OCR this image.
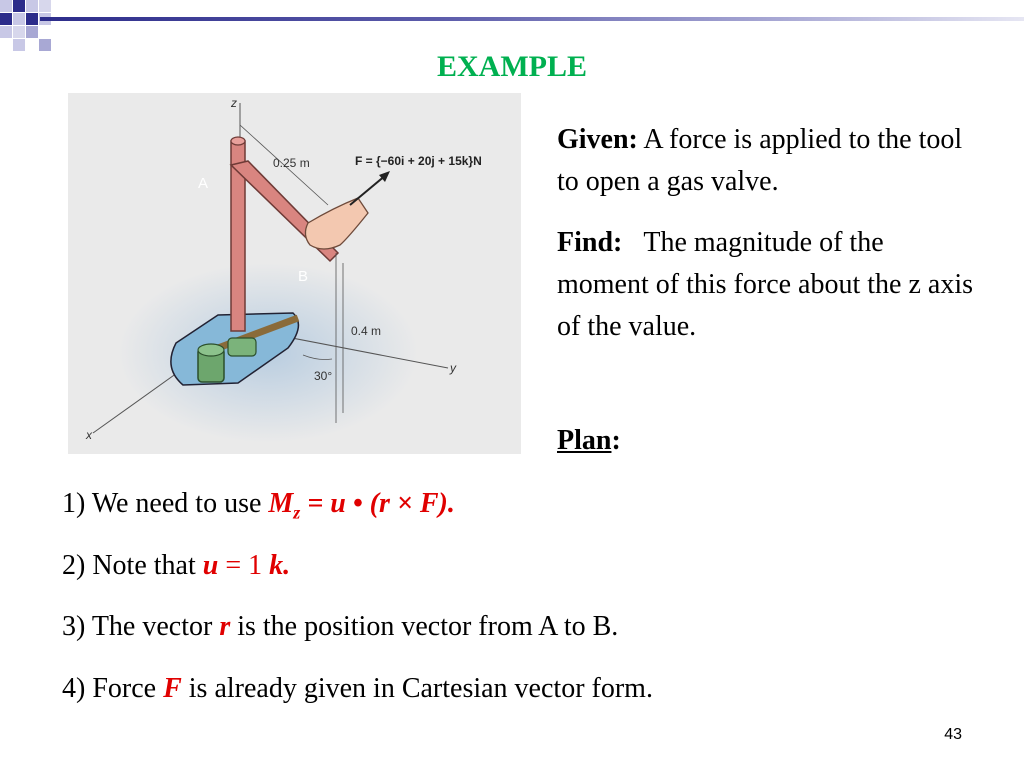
EXAMPLE
z
y
x
A
B
0.25 m
0.4 m
30°
F = {−60i + 20j + 15k}N
Given: A force is applied to the tool to open a gas valve.
Find: The magnitude of the moment of this force about the z axis of the value.
Plan:
1) We need to use $M_z = u$ • (r × F).
2) Note that u = 1 k.
3) The vector r is the position vector from A to B.
4) Force F is already given in Cartesian vector form.
43
